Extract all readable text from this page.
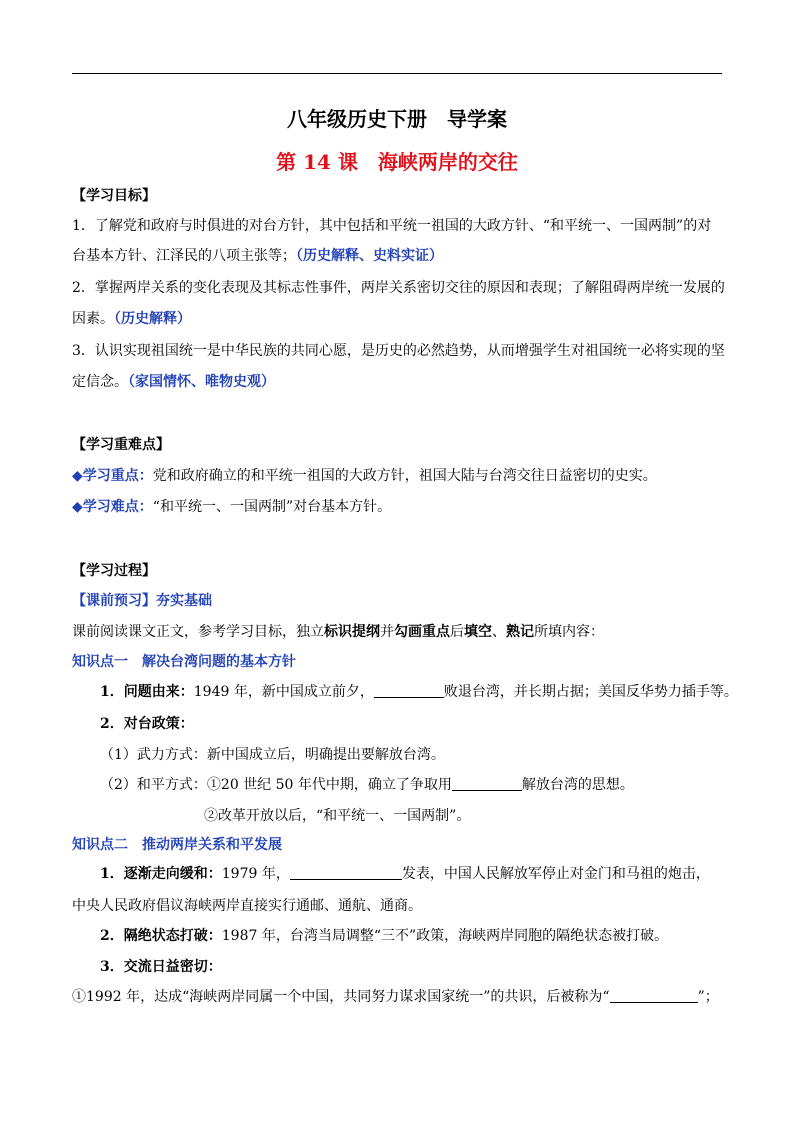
八年级历史下册　导学案
第 14 课　海峡两岸的交往
【学习目标】
1．了解党和政府与时俱进的对台方针，其中包括和平统一祖国的大政方针、“和平统一、一国两制”的对
台基本方针、江泽民的八项主张等；（历史解释、史料实证）
2．掌握两岸关系的变化表现及其标志性事件，两岸关系密切交往的原因和表现；了解阻碍两岸统一发展的
因素。（历史解释）
3．认识实现祖国统一是中华民族的共同心愿，是历史的必然趋势，从而增强学生对祖国统一必将实现的坚
定信念。（家国情怀、唯物史观）
【学习重难点】
◆学习重点：党和政府确立的和平统一祖国的大政方针，祖国大陆与台湾交往日益密切的史实。
◆学习难点：“和平统一、一国两制”对台基本方针。
【学习过程】
【课前预习】夯实基础
课前阅读课文正文，参考学习目标，独立标识提纲并勾画重点后填空、熟记所填内容：
知识点一　解决台湾问题的基本方针
1．问题由来：1949 年，新中国成立前夕，	败退台湾，并长期占据；美国反华势力插手等。
2．对台政策：
（1）武力方式：新中国成立后，明确提出要解放台湾。
（2）和平方式：①20 世纪 50 年代中期，确立了争取用	解放台湾的思想。
②改革开放以后，“和平统一、一国两制”。
知识点二　推动两岸关系和平发展
1．逐渐走向缓和：1979 年，	发表，中国人民解放军停止对金门和马祖的炮击，
中央人民政府倡议海峡两岸直接实行通邮、通航、通商。
2．隔绝状态打破：1987 年，台湾当局调整“三不”政策，海峡两岸同胞的隔绝状态被打破。
3．交流日益密切：
①1992 年，达成“海峡两岸同属一个中国，共同努力谋求国家统一”的共识，后被称为“	”；
